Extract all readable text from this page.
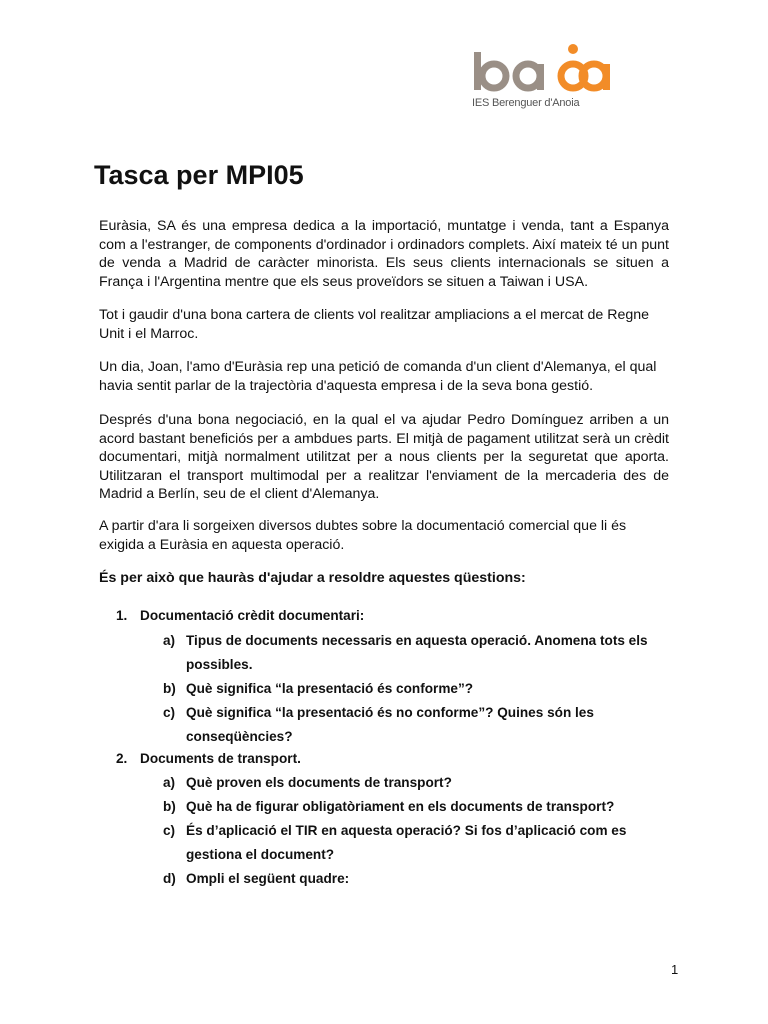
IES Berenguer d'Anoia
Tasca per MPI05

Euràsia, SA és una empresa dedica a la importació, muntatge i venda, tant a Espanya com a l'estranger, de components d'ordinador i ordinadors complets. Així mateix té un punt de venda a Madrid de caràcter minorista. Els seus clients internacionals se situen a França i l'Argentina mentre que els seus proveïdors se situen a Taiwan i USA.

Tot i gaudir d'una bona cartera de clients vol realitzar ampliacions a el mercat de Regne Unit i el Marroc.

Un dia, Joan, l'amo d'Euràsia rep una petició de comanda d'un client d'Alemanya, el qual havia sentit parlar de la trajectòria d'aquesta empresa i de la seva bona gestió.

Després d'una bona negociació, en la qual el va ajudar Pedro Domínguez arriben a un acord bastant beneficiós per a ambdues parts. El mitjà de pagament utilitzat serà un crèdit documentari, mitjà normalment utilitzat per a nous clients per la seguretat que aporta. Utilitzaran el transport multimodal per a realitzar l'enviament de la mercaderia des de Madrid a Berlín, seu de el client d'Alemanya.

A partir d'ara li sorgeixen diversos dubtes sobre la documentació comercial que li és exigida a Euràsia en aquesta operació.

És per això que hauràs d'ajudar a resoldre aquestes qüestions:

1. Documentació crèdit documentari:
a) Tipus de documents necessaris en aquesta operació. Anomena tots els possibles.
b) Què significa “la presentació és conforme”?
c) Què significa “la presentació és no conforme”? Quines són les conseqüències?
2. Documents de transport.
a) Què proven els documents de transport?
b) Què ha de figurar obligatòriament en els documents de transport?
c) És d’aplicació el TIR en aquesta operació? Si fos d’aplicació com es gestiona el document?
d) Ompli el següent quadre:
1
